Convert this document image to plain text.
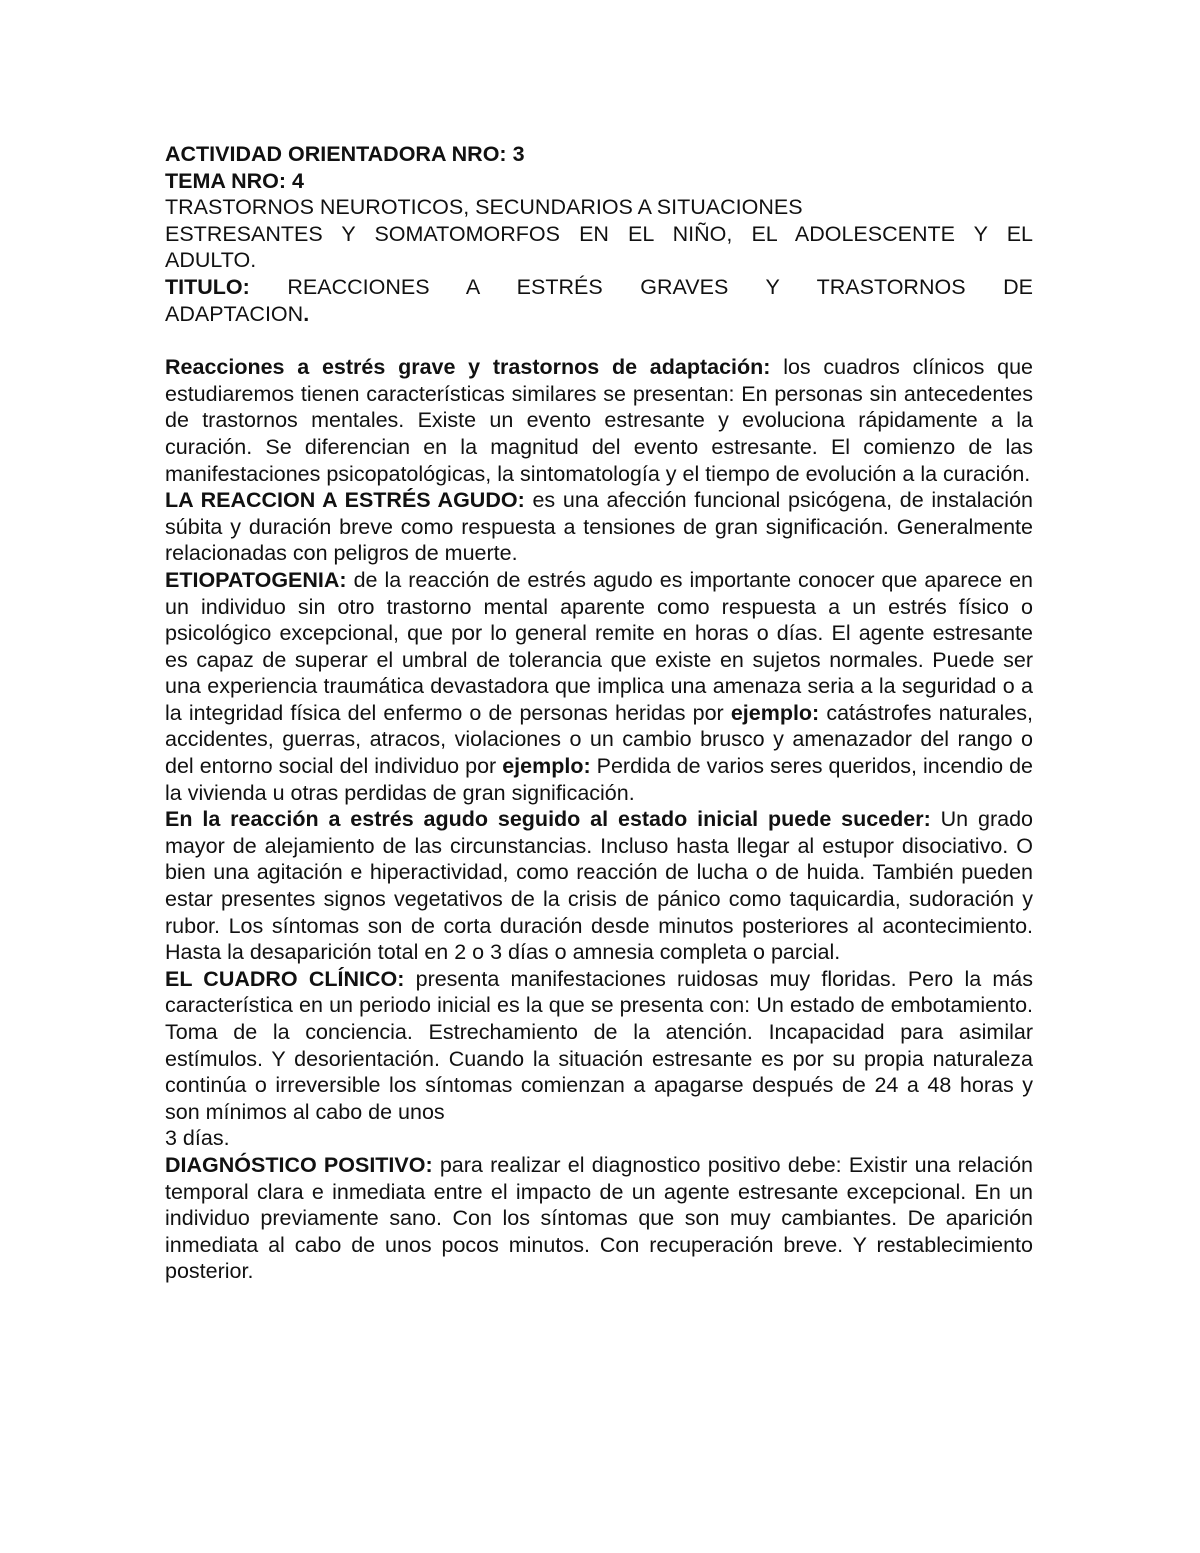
ACTIVIDAD ORIENTADORA NRO: 3
TEMA NRO: 4
TRASTORNOS NEUROTICOS, SECUNDARIOS A SITUACIONES
ESTRESANTES Y SOMATOMORFOS EN EL NIÑO, EL ADOLESCENTE Y EL
ADULTO.
TITULO: REACCIONES A ESTRÉS GRAVES Y TRASTORNOS DE
ADAPTACION.

Reacciones a estrés grave y trastornos de adaptación: los cuadros clínicos que estudiaremos tienen características similares se presentan: En personas sin antecedentes de trastornos mentales. Existe un evento estresante y evoluciona rápidamente a la curación. Se diferencian en la magnitud del evento estresante. El comienzo de las manifestaciones psicopatológicas, la sintomatología y el tiempo de evolución a la curación.

LA REACCION A ESTRÉS AGUDO: es una afección funcional psicógena, de instalación súbita y duración breve como respuesta a tensiones de gran significación. Generalmente relacionadas con peligros de muerte.

ETIOPATOGENIA: de la reacción de estrés agudo es importante conocer que aparece en un individuo sin otro trastorno mental aparente como respuesta a un estrés físico o psicológico excepcional, que por lo general remite en horas o días. El agente estresante es capaz de superar el umbral de tolerancia que existe en sujetos normales. Puede ser una experiencia traumática devastadora que implica una amenaza seria a la seguridad o a la integridad física del enfermo o de personas heridas por ejemplo: catástrofes naturales, accidentes, guerras, atracos, violaciones o un cambio brusco y amenazador del rango o del entorno social del individuo por ejemplo: Perdida de varios seres queridos, incendio de la vivienda u otras perdidas de gran significación.

En la reacción a estrés agudo seguido al estado inicial puede suceder: Un grado mayor de alejamiento de las circunstancias. Incluso hasta llegar al estupor disociativo. O bien una agitación e hiperactividad, como reacción de lucha o de huida. También pueden estar presentes signos vegetativos de la crisis de pánico como taquicardia, sudoración y rubor. Los síntomas son de corta duración desde minutos posteriores al acontecimiento. Hasta la desaparición total en 2 o 3 días o amnesia completa o parcial.

EL CUADRO CLÍNICO: presenta manifestaciones ruidosas muy floridas. Pero la más característica en un periodo inicial es la que se presenta con: Un estado de embotamiento. Toma de la conciencia. Estrechamiento de la atención. Incapacidad para asimilar estímulos. Y desorientación. Cuando la situación estresante es por su propia naturaleza continúa o irreversible los síntomas comienzan a apagarse después de 24 a 48 horas y son mínimos al cabo de unos

3 días.

DIAGNÓSTICO POSITIVO: para realizar el diagnostico positivo debe: Existir una relación temporal clara e inmediata entre el impacto de un agente estresante excepcional. En un individuo previamente sano. Con los síntomas que son muy cambiantes. De aparición inmediata al cabo de unos pocos minutos. Con recuperación breve. Y restablecimiento posterior.
